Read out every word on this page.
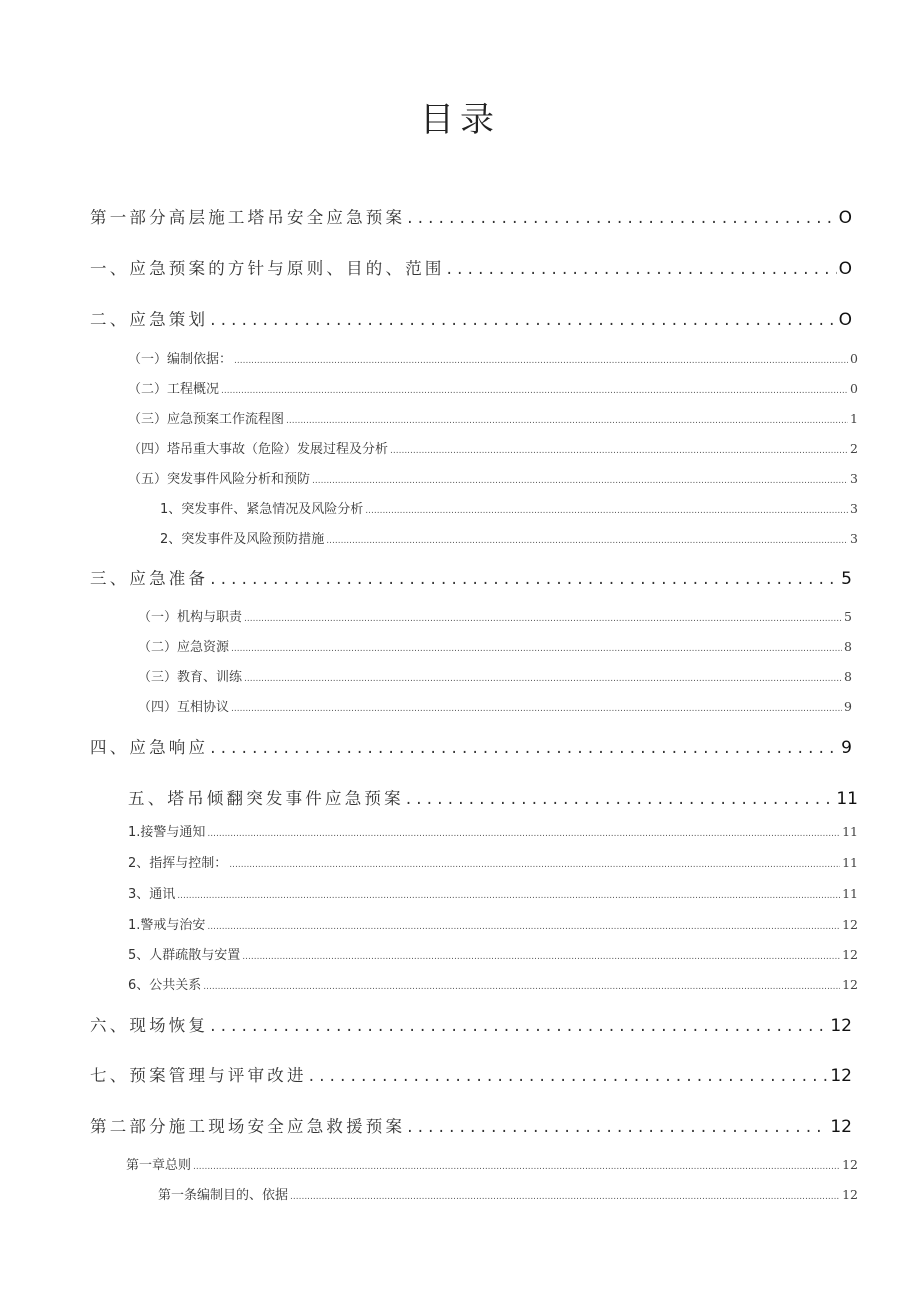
目录
第一部分高层施工塔吊安全应急预案 . . .	O
一、应急预案的方针与原则、目的、范围 . . .	O
二、应急策划 . . .	O
（一）编制依据： .....	0
（二）工程概况 .....	0
（三）应急预案工作流程图 .....	1
（四）塔吊重大事故（危险）发展过程及分析 .....	2
（五）突发事件风险分析和预防 .....	3
1、突发事件、紧急情况及风险分析 .....	3
2、突发事件及风险预防措施 .....	3
三、应急准备 . . .	5
（一）机构与职责 .....	5
（二）应急资源 .....	8
（三）教育、训练 .....	8
（四）互相协议 .....	9
四、应急响应 . . .	9
五、塔吊倾翻突发事件应急预案 . . .	11
1.接警与通知 .....	11
2、指挥与控制： .....	11
3、通讯 .....	11
1.警戒与治安 .....	12
5、人群疏散与安置 .....	12
6、公共关系 .....	12
六、现场恢复 . . .	12
七、预案管理与评审改进 . . .	12
第二部分施工现场安全应急救援预案 . . .	12
第一章总则 .....	12
第一条编制目的、依据 .....	12
